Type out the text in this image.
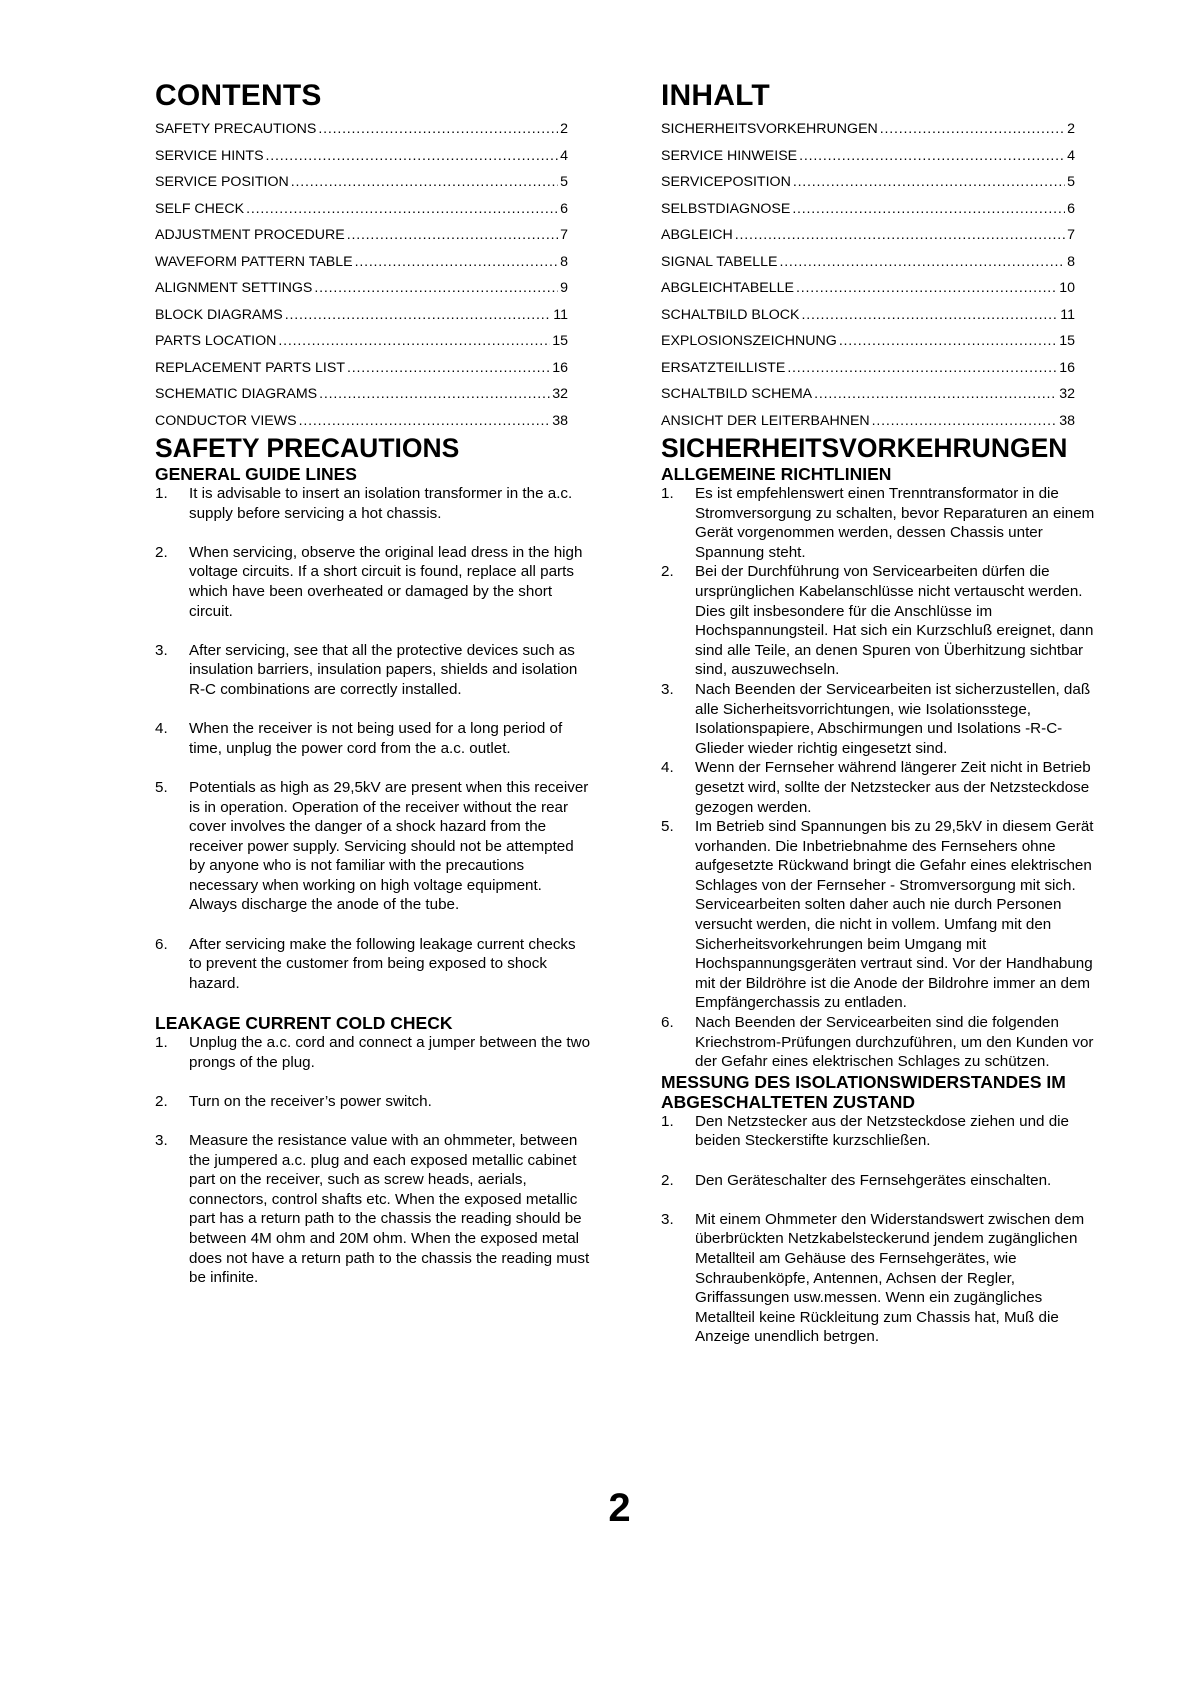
CONTENTS
SAFETY PRECAUTIONS .....	2
SERVICE HINTS .....	4
SERVICE POSITION .....	5
SELF CHECK .....	6
ADJUSTMENT PROCEDURE .....	7
WAVEFORM PATTERN TABLE .....	8
ALIGNMENT SETTINGS .....	9
BLOCK DIAGRAMS .....	11
PARTS LOCATION .....	15
REPLACEMENT PARTS LIST .....	16
SCHEMATIC DIAGRAMS .....	32
CONDUCTOR VIEWS .....	38
SAFETY PRECAUTIONS
GENERAL GUIDE LINES
1. It is advisable to insert an isolation transformer in the a.c. supply before servicing a hot chassis.
2. When servicing, observe the original lead dress in the high voltage circuits. If a short circuit is found, replace all parts which have been overheated or damaged by the short circuit.
3. After servicing, see that all the protective devices such as insulation barriers, insulation papers, shields and isolation R-C combinations are correctly installed.
4. When the receiver is not being used for a long period of time, unplug the power cord from the a.c. outlet.
5. Potentials as high as 29,5kV are present when this receiver is in operation. Operation of the receiver without the rear cover involves the danger of a shock hazard from the receiver power supply. Servicing should not be attempted by anyone who is not familiar with the precautions necessary when working on high voltage equipment. Always discharge the anode of the tube.
6. After servicing make the following leakage current checks to prevent the customer from being exposed to shock hazard.
LEAKAGE CURRENT COLD CHECK
1. Unplug the a.c. cord and connect a jumper between the two prongs of the plug.
2. Turn on the receiver’s power switch.
3. Measure the resistance value with an ohmmeter, between the jumpered a.c. plug and each exposed metallic cabinet part on the receiver, such as screw heads, aerials, connectors, control shafts etc. When the exposed metallic part has a return path to the chassis the reading should be between 4M ohm and 20M ohm. When the exposed metal does not have a return path to the chassis the reading must be infinite.
INHALT
SICHERHEITSVORKEHRUNGEN .....	2
SERVICE HINWEISE .....	4
SERVICEPOSITION .....	5
SELBSTDIAGNOSE .....	6
ABGLEICH .....	7
SIGNAL TABELLE .....	8
ABGLEICHTABELLE .....	10
SCHALTBILD BLOCK .....	11
EXPLOSIONSZEICHNUNG .....	15
ERSATZTEILLISTE .....	16
SCHALTBILD SCHEMA .....	32
ANSICHT DER LEITERBAHNEN .....	38
SICHERHEITSVORKEHRUNGEN
ALLGEMEINE RICHTLINIEN
1. Es ist empfehlenswert einen Trenntransformator in die Stromversorgung zu schalten, bevor Reparaturen an einem Gerät vorgenommen werden, dessen Chassis unter Spannung steht.
2. Bei der Durchführung von Servicearbeiten dürfen die ursprünglichen Kabelanschlüsse nicht vertauscht werden. Dies gilt insbesondere für die Anschlüsse im Hochspannungsteil. Hat sich ein Kurzschluß ereignet, dann sind alle Teile, an denen Spuren von Überhitzung sichtbar sind, auszuwechseln.
3. Nach Beenden der Servicearbeiten ist sicherzustellen, daß alle Sicherheitsvorrichtungen, wie Isolationsstege, Isolationspapiere, Abschirmungen und Isolations -R-C- Glieder wieder richtig eingesetzt sind.
4. Wenn der Fernseher während längerer Zeit nicht in Betrieb gesetzt wird, sollte der Netzstecker aus der Netzsteckdose gezogen werden.
5. Im Betrieb sind Spannungen bis zu 29,5kV in diesem Gerät vorhanden. Die Inbetriebnahme des Fernsehers ohne aufgesetzte Rückwand bringt die Gefahr eines elektrischen Schlages von der Fernseher - Stromversorgung mit sich. Servicearbeiten solten daher auch nie durch Personen versucht werden, die nicht in vollem. Umfang mit den Sicherheitsvorkehrungen beim Umgang mit Hochspannungsgeräten vertraut sind. Vor der Handhabung mit der Bildröhre ist die Anode der Bildrohre immer an dem Empfängerchassis zu entladen.
6. Nach Beenden der Servicearbeiten sind die folgenden Kriechstrom-Prüfungen durchzuführen, um den Kunden vor der Gefahr eines elektrischen Schlages zu schützen.
MESSUNG DES ISOLATIONSWIDERSTANDES IM ABGESCHALTETEN ZUSTAND
1. Den Netzstecker aus der Netzsteckdose ziehen und die beiden Steckerstifte kurzschließen.
2. Den Geräteschalter des Fernsehgerätes einschalten.
3. Mit einem Ohmmeter den Widerstandswert zwischen dem überbrückten Netzkabelsteckerund jendem zugänglichen Metallteil am Gehäuse des Fernsehgerätes, wie Schraubenköpfe, Antennen, Achsen der Regler, Griffassungen usw.messen. Wenn ein zugängliches Metallteil keine Rückleitung zum Chassis hat, Muß die Anzeige unendlich betrgen.
2
